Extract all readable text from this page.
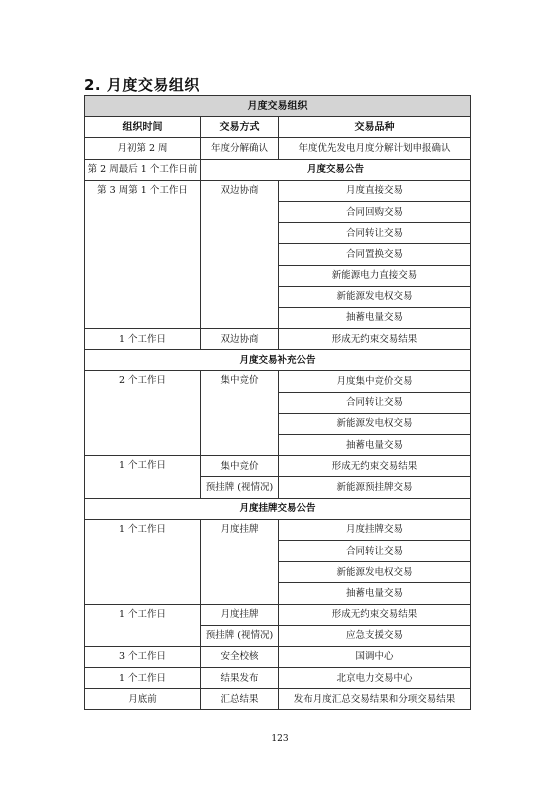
2. 月度交易组织
月度交易组织		
组织时间	交易方式	交易品种
月初第 2 周	年度分解确认	年度优先发电月度分解计划申报确认
第 2 周最后 1 个工作日前	月度交易公告	
第 3 周第 1 个工作日	双边协商	月度直接交易
		合同回购交易
		合同转让交易
		合同置换交易
		新能源电力直接交易
		新能源发电权交易
		抽蓄电量交易
1 个工作日	双边协商	形成无约束交易结果
月度交易补充公告		
2 个工作日	集中竞价	月度集中竞价交易
		合同转让交易
		新能源发电权交易
		抽蓄电量交易
1 个工作日	集中竞价	形成无约束交易结果
	预挂牌 (视情况)	新能源预挂牌交易
月度挂牌交易公告		
1 个工作日	月度挂牌	月度挂牌交易
		合同转让交易
		新能源发电权交易
		抽蓄电量交易
1 个工作日	月度挂牌	形成无约束交易结果
	预挂牌 (视情况)	应急支援交易
3 个工作日	安全校核	国调中心
1 个工作日	结果发布	北京电力交易中心
月底前	汇总结果	发布月度汇总交易结果和分项交易结果
123
